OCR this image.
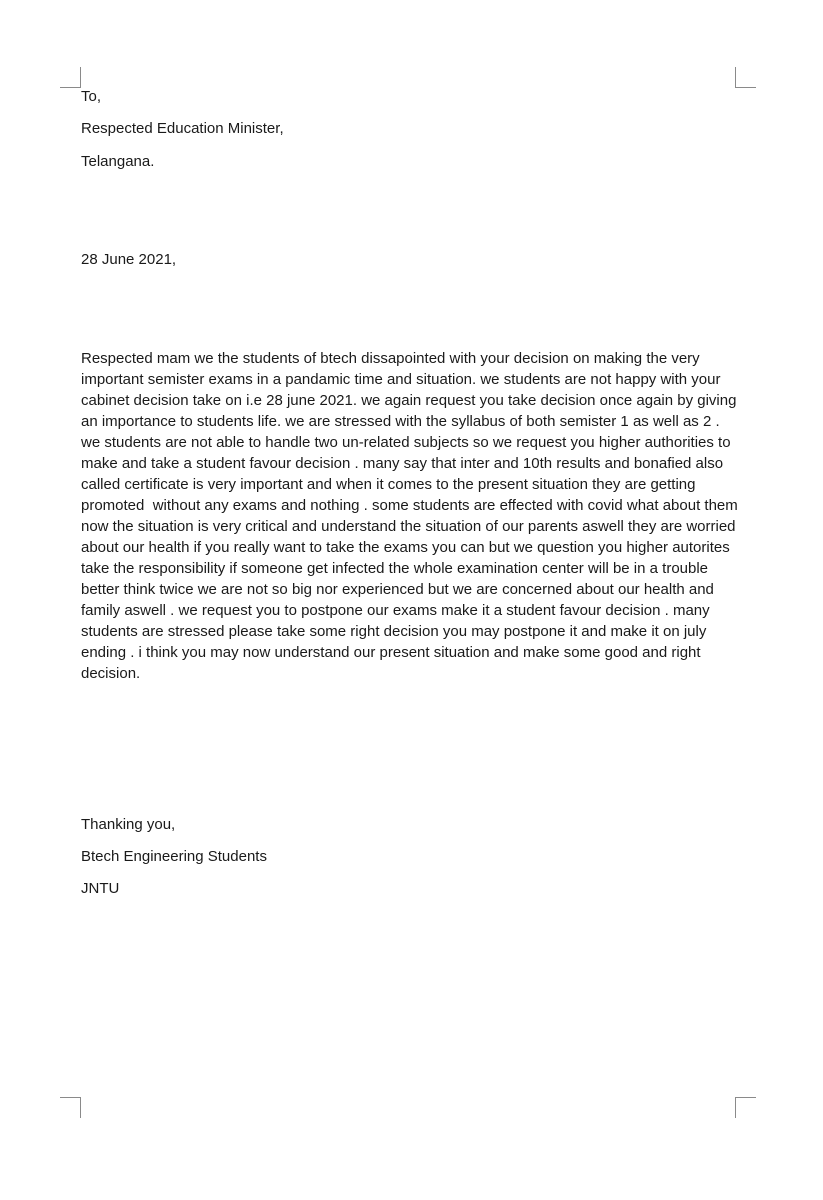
To,
Respected Education Minister,
Telangana.
28 June 2021,
Respected mam we the students of btech dissapointed with your decision on making the very important semister exams in a pandamic time and situation. we students are not happy with your cabinet decision take on i.e 28 june 2021. we again request you take decision once again by giving an importance to students life. we are stressed with the syllabus of both semister 1 as well as 2 . we students are not able to handle two un-related subjects so we request you higher authorities to make and take a student favour decision . many say that inter and 10th results and bonafied also called certificate is very important and when it comes to the present situation they are getting promoted  without any exams and nothing . some students are effected with covid what about them now the situation is very critical and understand the situation of our parents aswell they are worried about our health if you really want to take the exams you can but we question you higher autorites take the responsibility if someone get infected the whole examination center will be in a trouble better think twice we are not so big nor experienced but we are concerned about our health and family aswell . we request you to postpone our exams make it a student favour decision . many students are stressed please take some right decision you may postpone it and make it on july ending . i think you may now understand our present situation and make some good and right decision.
Thanking you,
Btech Engineering Students
JNTU
